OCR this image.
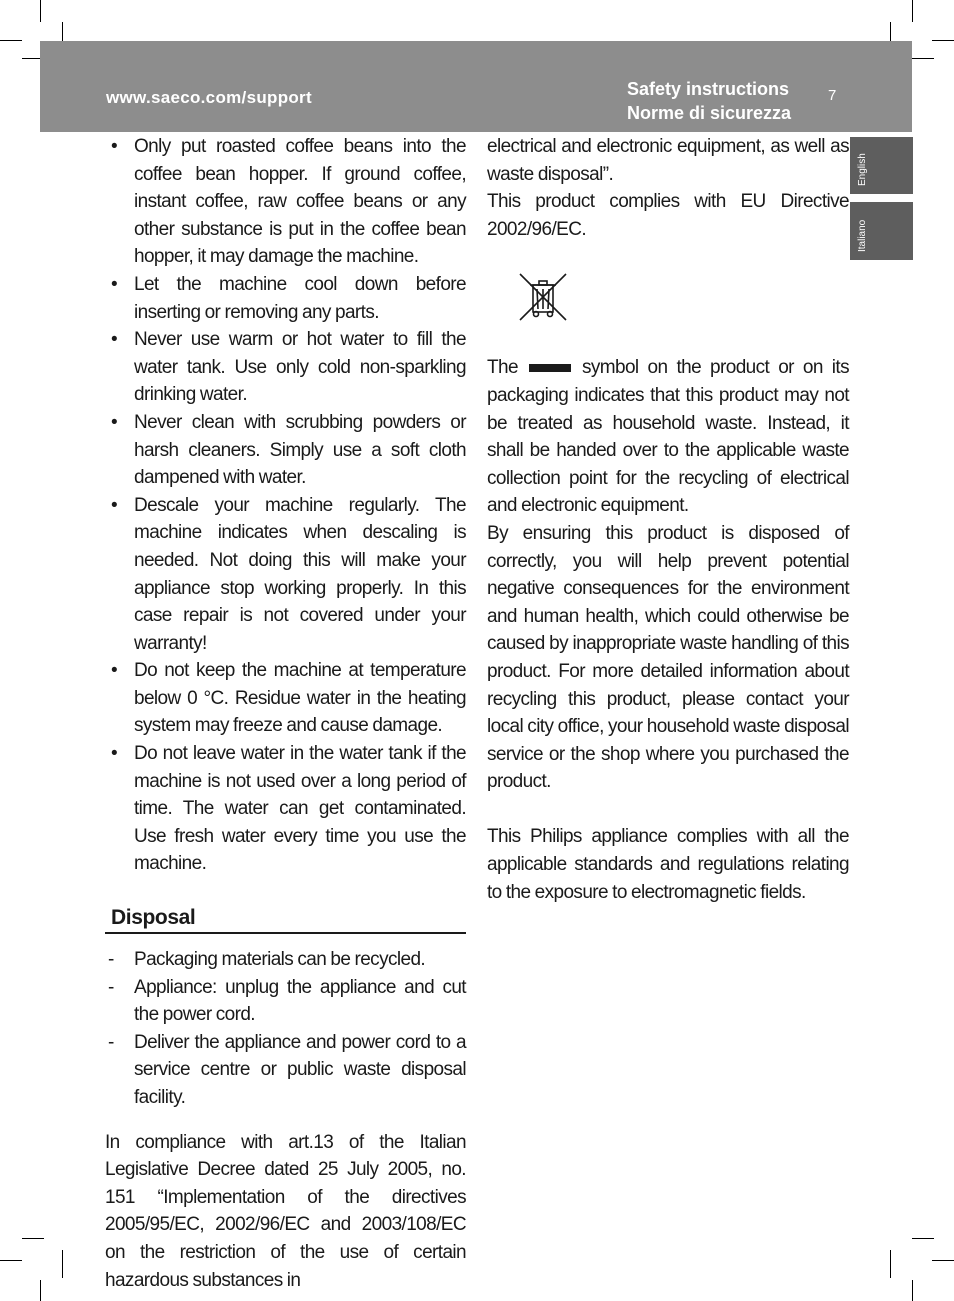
www.saeco.com/support	Safety instructions
Norme di sicurezza
7
English
Italiano
• Only put roasted coffee beans into the coffee bean hopper. If ground coffee, instant coffee, raw coffee beans or any other substance is put in the coffee bean hopper, it may damage the machine.
• Let the machine cool down before inserting or removing any parts.
• Never use warm or hot water to fill the water tank. Use only cold non-sparkling drinking water.
• Never clean with scrubbing powders or harsh cleaners. Simply use a soft cloth dampened with water.
• Descale your machine regularly. The machine indicates when descaling is needed. Not doing this will make your appliance stop working properly. In this case repair is not covered under your warranty!
• Do not keep the machine at temperature below 0 °C. Residue water in the heating system may freeze and cause damage.
• Do not leave water in the water tank if the machine is not used over a long period of time. The water can get contaminated. Use fresh water every time you use the machine.
Disposal
- Packaging materials can be recycled.
- Appliance: unplug the appliance and cut the power cord.
- Deliver the appliance and power cord to a service centre or public waste disposal facility.

In compliance with art.13 of the Italian Legislative Decree dated 25 July 2005, no. 151 “Implementation of the directives 2005/95/EC, 2002/96/EC and 2003/108/EC on the restriction of the use of certain hazardous substances in

electrical and electronic equipment, as well as waste disposal”.

This product complies with EU Directive 2002/96/EC.

The	symbol on the product or on its packaging indicates that this product may not be treated as household waste. Instead, it shall be handed over to the applicable waste collection point for the recycling of electrical and electronic equipment.

By ensuring this product is disposed of correctly, you will help prevent potential negative consequences for the environment and human health, which could otherwise be caused by inappropriate waste handling of this product. For more detailed information about recycling this product, please contact your local city office, your household waste disposal service or the shop where you purchased the product.

This Philips appliance complies with all the applicable standards and regulations relating to the exposure to electromagnetic fields.
